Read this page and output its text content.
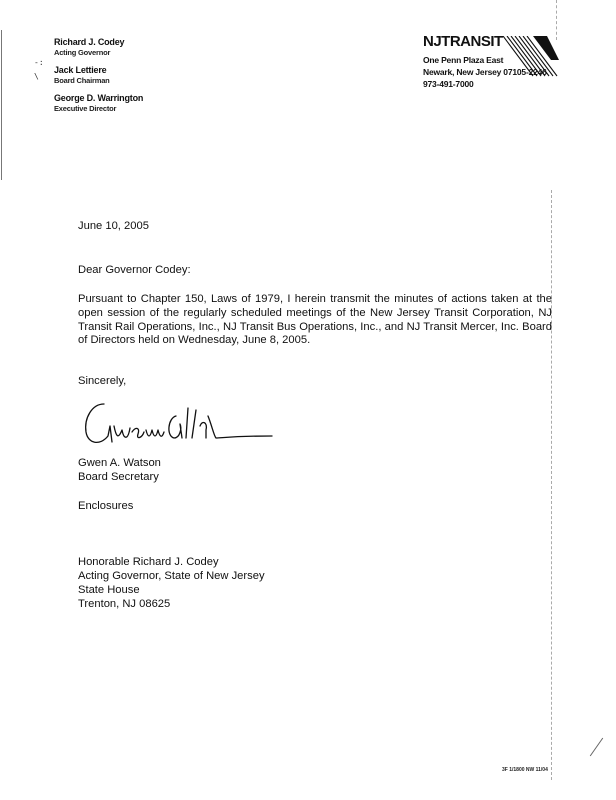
-:
\
Richard J. Codey
Acting Governor
Jack Lettiere
Board Chairman
George D. Warrington
Executive Director
NJTRANSIT
One Penn Plaza East
Newark, New Jersey 07105-2246
973-491-7000
June 10, 2005
Dear Governor Codey:
Pursuant to Chapter 150, Laws of 1979, I herein transmit the minutes of actions taken at the open session of the regularly scheduled meetings of the New Jersey Transit Corporation, NJ Transit Rail Operations, Inc., NJ Transit Bus Operations, Inc., and NJ Transit Mercer, Inc. Board of Directors held on Wednesday, June 8, 2005.
Sincerely,
Gwen A. Watson
Board Secretary
Enclosures
Honorable Richard J. Codey
Acting Governor, State of New Jersey
State House
Trenton, NJ 08625
3F 1/1800 NW 11/04
